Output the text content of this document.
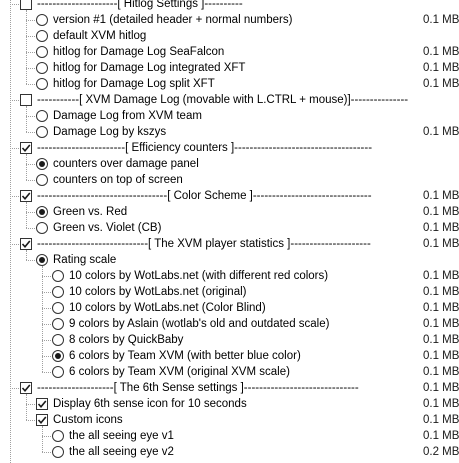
---------------------[ Hitlog Settings ]----------
version #1 (detailed header + normal numbers)	0.1 MB
default XVM hitlog
hitlog for Damage Log SeaFalcon	0.1 MB
hitlog for Damage Log integrated XFT	0.1 MB
hitlog for Damage Log split XFT	0.1 MB
-----------[ XVM Damage Log (movable with L.CTRL + mouse)]---------------
Damage Log from XVM team
Damage Log by kszys	0.1 MB
-----------------------[ Efficiency counters ]------------------------------------
counters over damage panel
counters on top of screen
----------------------------------[ Color Scheme ]-------------------------------	0.1 MB
Green vs. Red	0.1 MB
Green vs. Violet (CB)	0.1 MB
-----------------------------[ The XVM player statistics ]---------------------	0.1 MB
Rating scale
10 colors by WotLabs.net (with different red colors)	0.1 MB
10 colors by WotLabs.net (original)	0.1 MB
10 colors by WotLabs.net (Color Blind)	0.1 MB
9 colors by Aslain (wotlab's old and outdated scale)	0.1 MB
8 colors by QuickBaby	0.1 MB
6 colors by Team XVM (with better blue color)	0.1 MB
6 colors by Team XVM (original XVM scale)	0.1 MB
--------------------[ The 6th Sense settings ]------------------------------	0.1 MB
Display 6th sense icon for 10 seconds	0.1 MB
Custom icons	0.1 MB
the all seeing eye v1	0.1 MB
the all seeing eye v2	0.2 MB
